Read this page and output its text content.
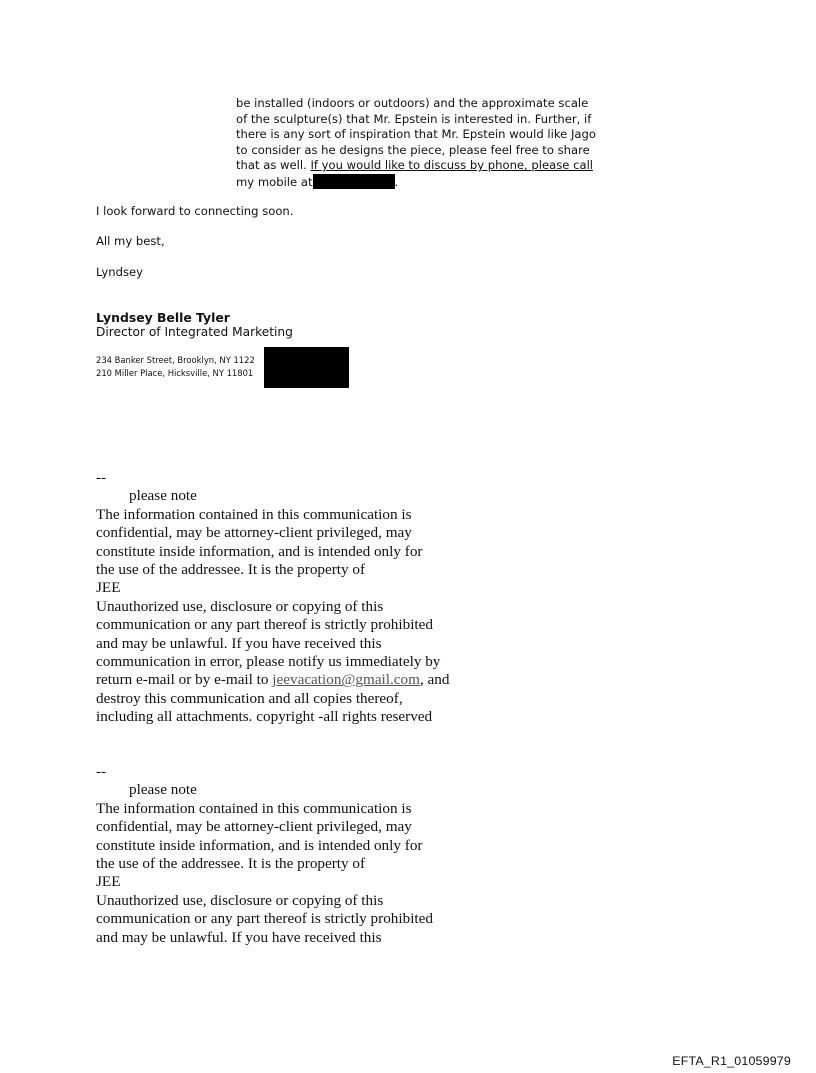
be installed (indoors or outdoors) and the approximate scale
of the sculpture(s) that Mr. Epstein is interested in. Further, if
there is any sort of inspiration that Mr. Epstein would like Jago
to consider as he designs the piece, please feel free to share
that as well. If you would like to discuss by phone, please call
my mobile at	.
I look forward to connecting soon.
All my best,
Lyndsey
Lyndsey Belle Tyler
Director of Integrated Marketing
234 Banker Street, Brooklyn, NY 1122
210 Miller Place, Hicksville, NY 11801
--
please note
The information contained in this communication is
confidential, may be attorney-client privileged, may
constitute inside information, and is intended only for
the use of the addressee. It is the property of
JEE
Unauthorized use, disclosure or copying of this
communication or any part thereof is strictly prohibited
and may be unlawful. If you have received this
communication in error, please notify us immediately by
return e-mail or by e-mail to jeevacation@gmail.com, and
destroy this communication and all copies thereof,
including all attachments. copyright -all rights reserved
--
please note
The information contained in this communication is
confidential, may be attorney-client privileged, may
constitute inside information, and is intended only for
the use of the addressee. It is the property of
JEE
Unauthorized use, disclosure or copying of this
communication or any part thereof is strictly prohibited
and may be unlawful. If you have received this
EFTA_R1_01059979
